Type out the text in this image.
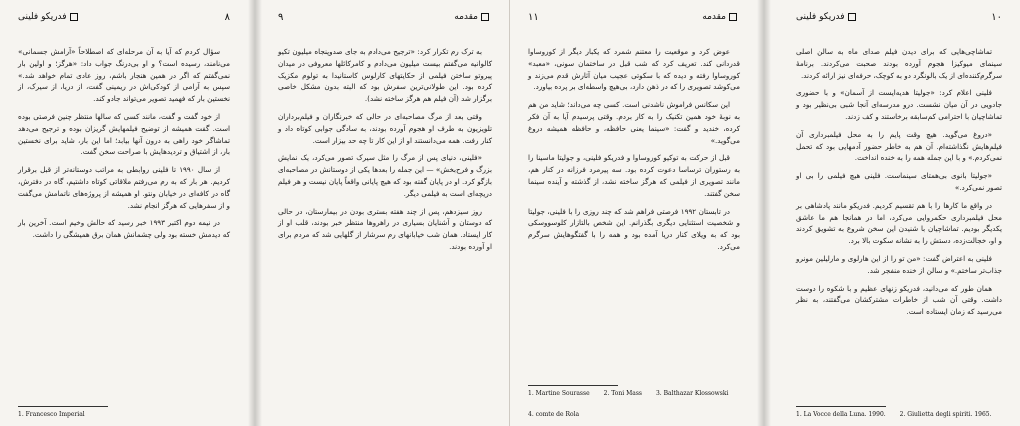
٩	مقدمه

به ترک رم تکرار کرد: «ترجیح می‌دادم به جای صدوپنجاه میلیون تکیو کالوانیه می‌گفتم بیست میلیون می‌دادم و کامرکائلها معروفی در میدان پیروتو ساختن فیلمی از حکایتهای کارلوس کاستانیدا به تولوم مکزیک کرده بود. این طولانی‌ترین سفرش بود که البته بدون مشکل خاصی برگزار شد (آن فیلم هم هرگز ساخته نشد).

وقتی بعد از مرگ مصاحبه‌ای در حالی که خبرنگاران و فیلم‌برداران تلویزیون به طرف او هجوم آورده بودند، به سادگی جوابی کوتاه داد و کنار رفت. همه می‌دانستند او از این کار تا چه حد بیزار است.

«فلینی، دنیای پس از مرگ را مثل سیرک تصور می‌کرد، یک نمایش بزرگ و فرح‌بخش» — این جمله را بعدها یکی از دوستانش در مصاحبه‌ای بازگو کرد. او در پایان گفته بود که هیچ پایانی واقعاً پایان نیست و هر فیلم دریچه‌ای است به فیلمی دیگر.

روز سیزدهم، پس از چند هفته بستری بودن در بیمارستان، در حالی که دوستان و آشنایان بسیاری در راهروها منتظر خبر بودند، قلب او از کار ایستاد. همان شب خیابانهای رم سرشار از گلهایی شد که مردم برای او آورده بودند.

فدریکو فلینی	٨

سؤال کردم که آیا به آن مرحله‌ای که اصطلاحاً «آرامش جسمانی» می‌نامند، رسیده است؟ و او بی‌درنگ جواب داد: «هرگز؛ و اولین بار نمی‌گفتم که اگر در همین هنجار باشم، روز عادی تمام خواهد شد.» سپس به آرامی از کودکی‌اش در ریمینی گفت، از دریا، از سیرک، از نخستین بار که فهمید تصویر می‌تواند جادو کند.

از خود گفت و گفت، مانند کسی که سالها منتظر چنین فرصتی بوده است. گفت همیشه از توضیح فیلمهایش گریزان بوده و ترجیح می‌دهد تماشاگر خود راهی به درون آنها بیابد؛ اما این بار، شاید برای نخستین بار، از اشتیاق و تردیدهایش با صراحت سخن گفت.

از سال ۱۹۹۰ تا فلینی روابطی به مراتب دوستانه‌تر از قبل برقرار کردیم. هر بار که به رم می‌رفتم ملاقاتی کوتاه داشتیم، گاه در دفترش، گاه در کافه‌ای در خیابان ونتو. او همیشه از پروژه‌های ناتمامش می‌گفت و از سفرهایی که هرگز انجام نشد.

در نیمه دوم اکتبر ۱۹۹۳ خبر رسید که حالش وخیم است. آخرین بار که دیدمش خسته بود ولی چشمانش همان برق همیشگی را داشت.

1. Francesco Imperial
١١	مقدمه

عوض کرد و موقعیت را معتنم شمرد که یکبار دیگر از کوروساوا قدردانی کند. تعریف کرد که شب قبل در ساختمان سونی، «معبد» کوروساوا رفته و دیده که با سکوتی عجیب میان آثارش قدم می‌زند و می‌کوشد تصویری را که در ذهن دارد، بی‌هیچ واسطه‌ای بر پرده بیاورد.

این سکانس فراموش ناشدنی است. کسی چه می‌داند؛ شاید من هم به نوبۀ خود همین تکنیک را به کار بردم. وقتی پرسیدم آیا به آن فکر کرده، خندید و گفت: «سینما یعنی حافظه، و حافظه همیشه دروغ می‌گوید.»

قبل از حرکت به توکیو کوروساوا و فدریکو فلینی، و جولیتا ماسینا را به رستوران ترساسا دعوت کرده بود. سه پیرمرد فرزانه در کنار هم، مانند تصویری از فیلمی که هرگز ساخته نشد، از گذشته و آینده سینما سخن گفتند.

در تابستان ۱۹۹۲ فرصتی فراهم شد که چند روزی را با فلینی، جولیتا و شخصیت استثنایی دیگری بگذرانم. این شخص بالتازار کلوسووسکی بود که به ویلای کنار دریا آمده بود و همه را با گفتگوهایش سرگرم می‌کرد.

1. Martine Sourasse 2. Toni Mass 3. Balthazar Klossowski
4. comte de Rola
فدریکو فلینی	١٠

تماشاچی‌هایی که برای دیدن فیلم صدای ماه به سالن اصلی سینمای میوکیزا هجوم آورده بودند صحبت می‌کردند. برنامۀ سرگرم‌کننده‌ای از یک بالونگرد دو به کوچک، حرفه‌ای نیز ارائه کردند.

فلینی اعلام کرد: «جولیتا هدیه‌ایست از آسمان» و با حضوری جادویی در آن میان نشست. درو مدرسه‌ای آنجا شبی بی‌نظیر بود و تماشاچیان با احترامی کم‌سابقه برخاستند و کف زدند.

«دروغ می‌گوید. هیچ وقت پایم را به محل فیلمبرداری آن فیلم‌هایش نگذاشته‌ام. آن هم به خاطر حضور آدمهایی بود که تحمل نمی‌کردم.» و با این جمله همه را به خنده انداخت.

«جولیتا بانوی بی‌همتای سینماست. فلینی هیچ فیلمی را بی او تصور نمی‌کرد.»

در واقع ما کارها را با هم تقسیم کردیم. فدریکو مانند پادشاهی بر محل فیلمبرداری حکمروایی می‌کرد، اما در همانجا هم ما عاشق یکدیگر بودیم. تماشاچیان با شنیدن این سخن شروع به تشویق کردند و او، خجالت‌زده، دستش را به نشانه سکوت بالا برد.

فلینی به اعتراض گفت: «من تو را از این هارلوی و مارلیلین مونرو جذاب‌تر ساختم.» و سالن از خنده منفجر شد.

همان طور که می‌دانید، فدریکو زنهای عظیم و با شکوه را دوست داشت. وقتی آن شب از خاطرات مشترکشان می‌گفتند، به نظر می‌رسید که زمان ایستاده است.

1. La Vocce della Luna. 1990. 2. Giulietta degli spiriti. 1965.
